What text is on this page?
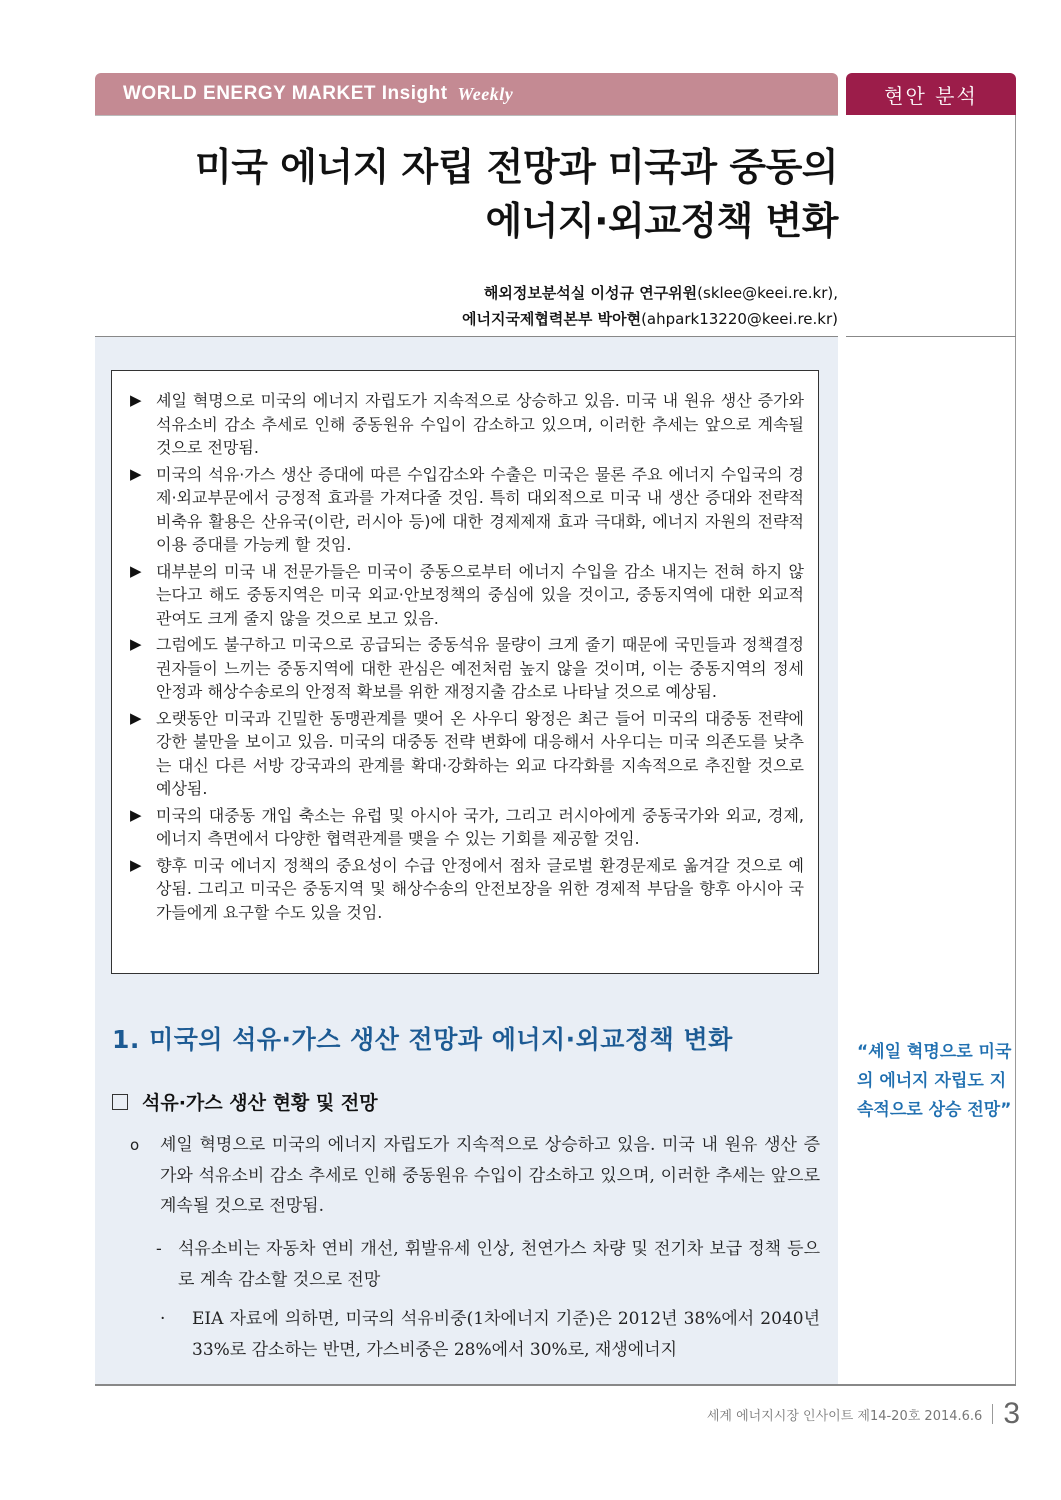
WORLD ENERGY MARKET Insight Weekly	현안 분석
미국 에너지 자립 전망과 미국과 중동의
에너지·외교정책 변화
해외정보분석실 이성규 연구위원(sklee@keei.re.kr),
에너지국제협력본부 박아현(ahpark13220@keei.re.kr)
▶ 셰일 혁명으로 미국의 에너지 자립도가 지속적으로 상승하고 있음. 미국 내 원유 생산 증가와 석유소비 감소 추세로 인해 중동원유 수입이 감소하고 있으며, 이러한 추세는 앞으로 계속될 것으로 전망됨.
▶ 미국의 석유·가스 생산 증대에 따른 수입감소와 수출은 미국은 물론 주요 에너지 수입국의 경제·외교부문에서 긍정적 효과를 가져다줄 것임. 특히 대외적으로 미국 내 생산 증대와 전략적 비축유 활용은 산유국(이란, 러시아 등)에 대한 경제제재 효과 극대화, 에너지 자원의 전략적 이용 증대를 가능케 할 것임.
▶ 대부분의 미국 내 전문가들은 미국이 중동으로부터 에너지 수입을 감소 내지는 전혀 하지 않는다고 해도 중동지역은 미국 외교·안보정책의 중심에 있을 것이고, 중동지역에 대한 외교적 관여도 크게 줄지 않을 것으로 보고 있음.
▶ 그럼에도 불구하고 미국으로 공급되는 중동석유 물량이 크게 줄기 때문에 국민들과 정책결정권자들이 느끼는 중동지역에 대한 관심은 예전처럼 높지 않을 것이며, 이는 중동지역의 정세안정과 해상수송로의 안정적 확보를 위한 재정지출 감소로 나타날 것으로 예상됨.
▶ 오랫동안 미국과 긴밀한 동맹관계를 맺어 온 사우디 왕정은 최근 들어 미국의 대중동 전략에 강한 불만을 보이고 있음. 미국의 대중동 전략 변화에 대응해서 사우디는 미국 의존도를 낮추는 대신 다른 서방 강국과의 관계를 확대·강화하는 외교 다각화를 지속적으로 추진할 것으로 예상됨.
▶ 미국의 대중동 개입 축소는 유럽 및 아시아 국가, 그리고 러시아에게 중동국가와 외교, 경제, 에너지 측면에서 다양한 협력관계를 맺을 수 있는 기회를 제공할 것임.
▶ 향후 미국 에너지 정책의 중요성이 수급 안정에서 점차 글로벌 환경문제로 옮겨갈 것으로 예상됨. 그리고 미국은 중동지역 및 해상수송의 안전보장을 위한 경제적 부담을 향후 아시아 국가들에게 요구할 수도 있을 것임.
1. 미국의 석유·가스 생산 전망과 에너지·외교정책 변화
석유·가스 생산 현황 및 전망
o	셰일 혁명으로 미국의 에너지 자립도가 지속적으로 상승하고 있음. 미국 내 원유 생산 증가와 석유소비 감소 추세로 인해 중동원유 수입이 감소하고 있으며, 이러한 추세는 앞으로 계속될 것으로 전망됨.
- 석유소비는 자동차 연비 개선, 휘발유세 인상, 천연가스 차량 및 전기차 보급 정책 등으로 계속 감소할 것으로 전망
·	EIA 자료에 의하면, 미국의 석유비중(1차에너지 기준)은 2012년 38%에서 2040년 33%로 감소하는 반면, 가스비중은 28%에서 30%로, 재생에너지
“셰일 혁명으로 미국의 에너지 자립도 지속적으로 상승 전망”
세계 에너지시장 인사이트 제14-20호 2014.6.6 3
